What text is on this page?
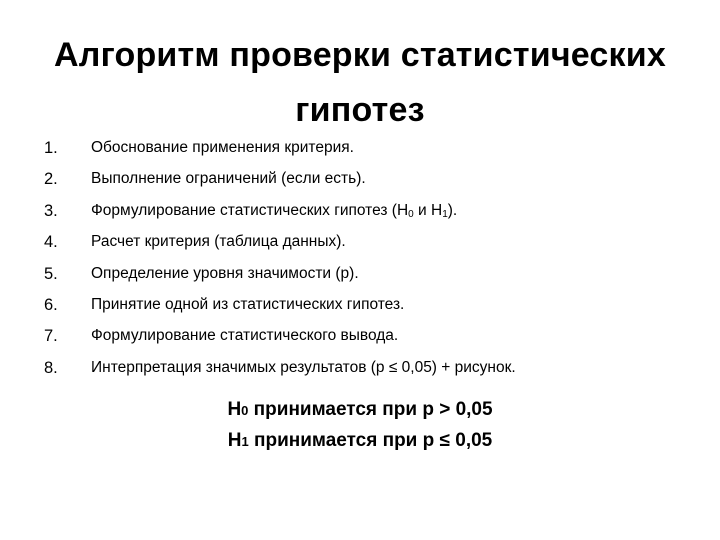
Алгоритм проверки статистических
гипотез
1. Обоснование применения критерия.
2. Выполнение ограничений (если есть).
3. Формулирование статистических гипотез ($Н_0$ и $Н_1$).
4. Расчет критерия (таблица данных).
5. Определение уровня значимости (р).
6. Принятие одной из статистических гипотез.
7. Формулирование статистического вывода.
8. Интерпретация значимых результатов (р ≤ 0,05) + рисунок.
Н0 принимается при р > 0,05
Н1 принимается при р ≤ 0,05
